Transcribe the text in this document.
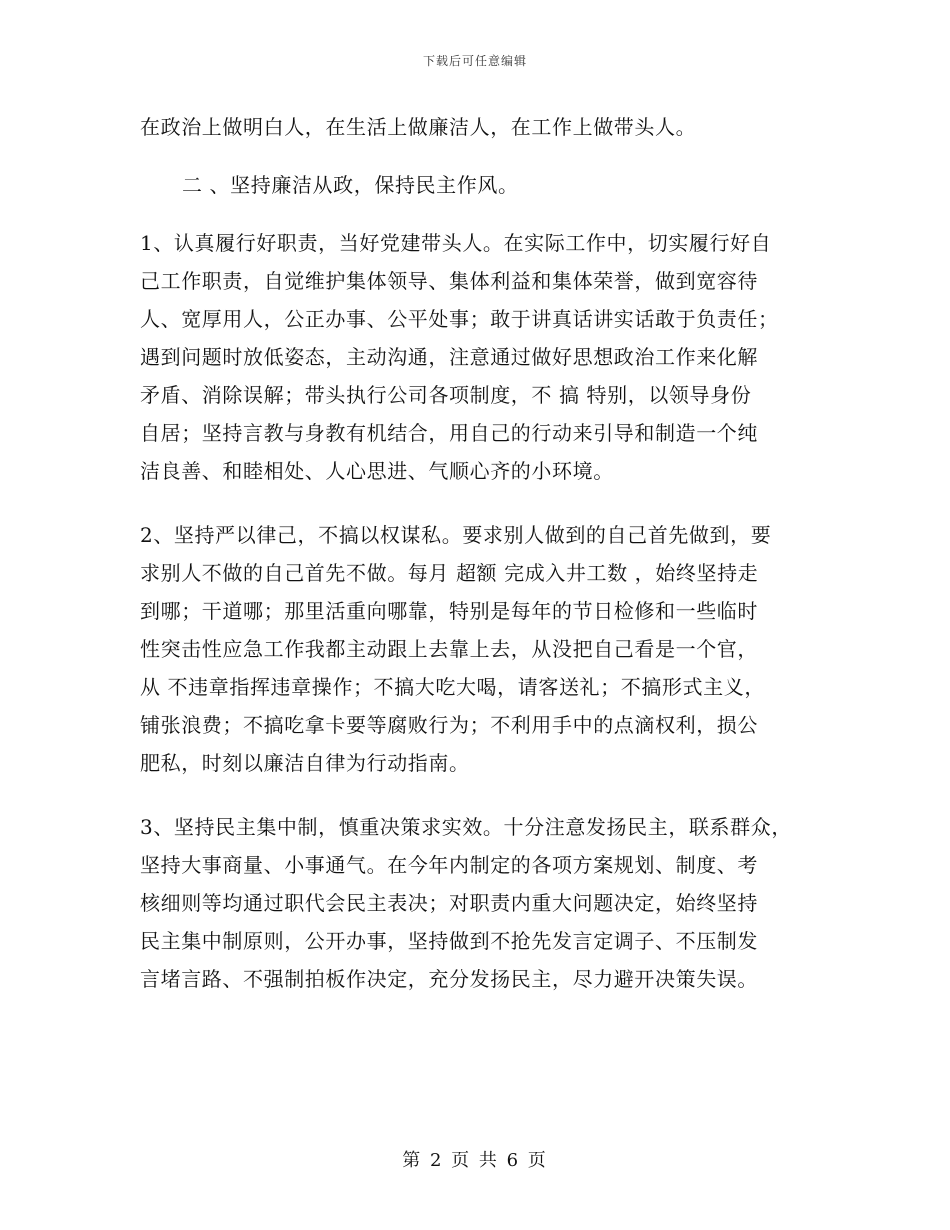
下载后可任意编辑
在政治上做明白人，在生活上做廉洁人，在工作上做带头人。
二 、坚持廉洁从政，保持民主作风。
1、认真履行好职责，当好党建带头人。在实际工作中，切实履行好自
己工作职责，自觉维护集体领导、集体利益和集体荣誉，做到宽容待
人、宽厚用人，公正办事、公平处事；敢于讲真话讲实话敢于负责任；
遇到问题时放低姿态，主动沟通，注意通过做好思想政治工作来化解
矛盾、消除误解；带头执行公司各项制度，不 搞 特别，以领导身份
自居；坚持言教与身教有机结合，用自己的行动来引导和制造一个纯
洁良善、和睦相处、人心思进、气顺心齐的小环境。
2、坚持严以律己，不搞以权谋私。要求别人做到的自己首先做到，要
求别人不做的自己首先不做。每月 超额 完成入井工数 ，始终坚持走
到哪；干道哪；那里活重向哪靠，特别是每年的节日检修和一些临时
性突击性应急工作我都主动跟上去靠上去，从没把自己看是一个官，
从 不违章指挥违章操作；不搞大吃大喝，请客送礼；不搞形式主义，
铺张浪费；不搞吃拿卡要等腐败行为；不利用手中的点滴权利，损公
肥私，时刻以廉洁自律为行动指南。
3、坚持民主集中制，慎重决策求实效。十分注意发扬民主，联系群众，
坚持大事商量、小事通气。在今年内制定的各项方案规划、制度、考
核细则等均通过职代会民主表决；对职责内重大问题决定，始终坚持
民主集中制原则，公开办事，坚持做到不抢先发言定调子、不压制发
言堵言路、不强制拍板作决定，充分发扬民主，尽力避开决策失误。
第 2 页 共 6 页
